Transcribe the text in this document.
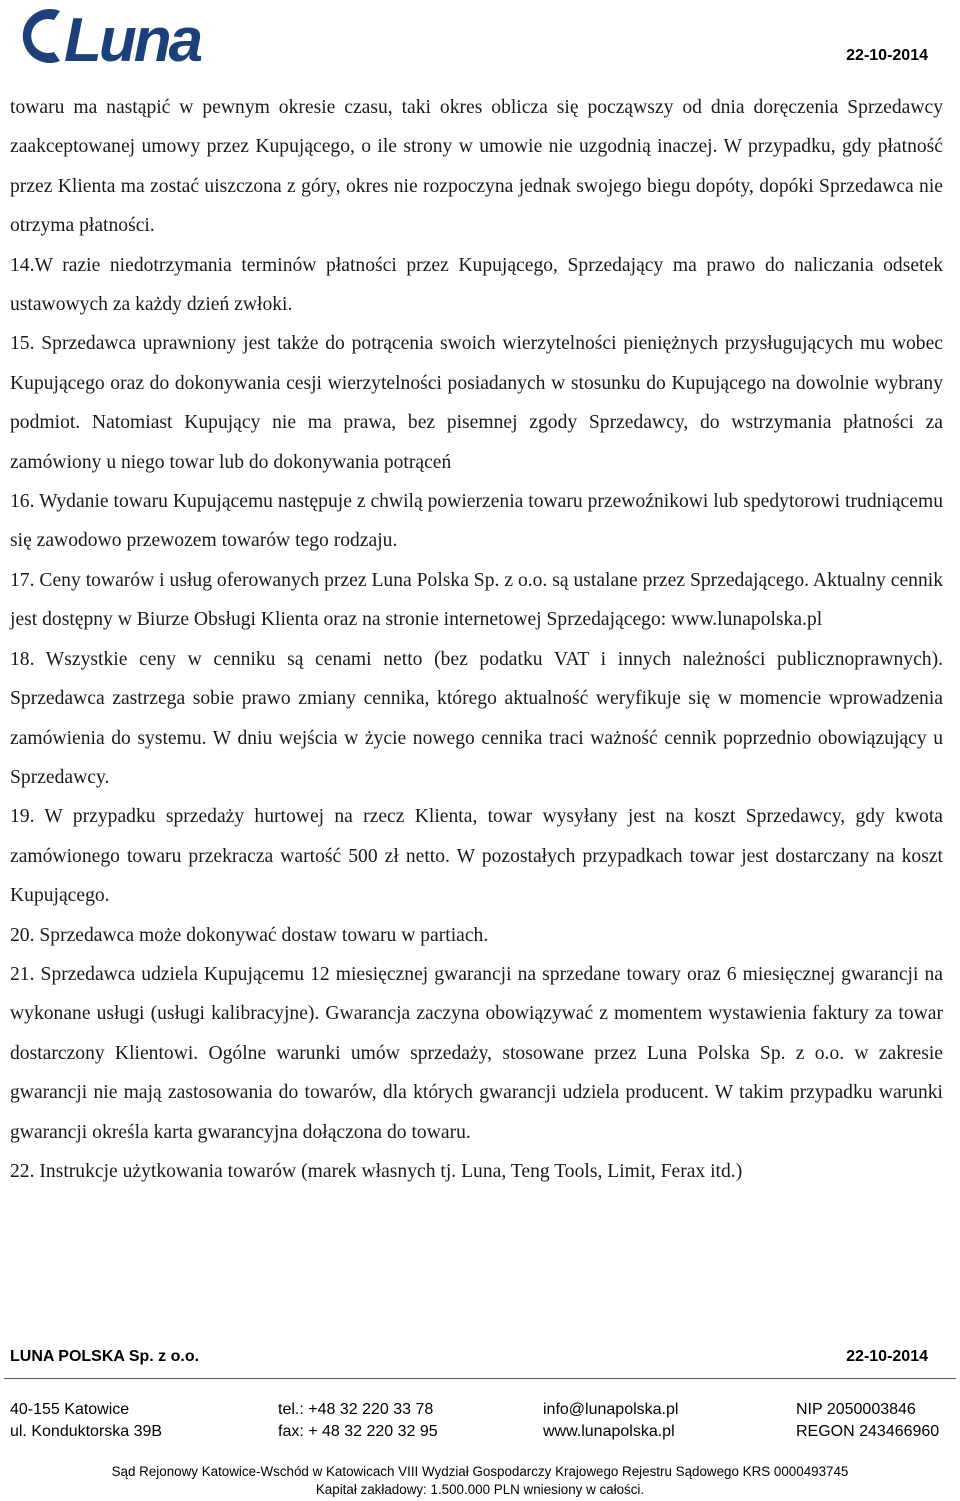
Luna	22-10-2014

towaru ma nastąpić w pewnym okresie czasu, taki okres oblicza się począwszy od dnia doręczenia Sprzedawcy zaakceptowanej umowy przez Kupującego, o ile strony w umowie nie uzgodnią inaczej. W przypadku, gdy płatność przez Klienta ma zostać uiszczona z góry, okres nie rozpoczyna jednak swojego biegu dopóty, dopóki Sprzedawca nie otrzyma płatności.

14.W razie niedotrzymania terminów płatności przez Kupującego, Sprzedający ma prawo do naliczania odsetek ustawowych za każdy dzień zwłoki.

15. Sprzedawca uprawniony jest także do potrącenia swoich wierzytelności pieniężnych przysługujących mu wobec Kupującego oraz do dokonywania cesji wierzytelności posiadanych w stosunku do Kupującego na dowolnie wybrany podmiot. Natomiast Kupujący nie ma prawa, bez pisemnej zgody Sprzedawcy, do wstrzymania płatności za zamówiony u niego towar lub do dokonywania potrąceń

16. Wydanie towaru Kupującemu następuje z chwilą powierzenia towaru przewoźnikowi lub spedytorowi trudniącemu się zawodowo przewozem towarów tego rodzaju.

17. Ceny towarów i usług oferowanych przez Luna Polska Sp. z o.o. są ustalane przez Sprzedającego. Aktualny cennik jest dostępny w Biurze Obsługi Klienta oraz na stronie internetowej Sprzedającego: www.lunapolska.pl

18. Wszystkie ceny w cenniku są cenami netto (bez podatku VAT i innych należności publicznoprawnych). Sprzedawca zastrzega sobie prawo zmiany cennika, którego aktualność weryfikuje się w momencie wprowadzenia zamówienia do systemu. W dniu wejścia w życie nowego cennika traci ważność cennik poprzednio obowiązujący u Sprzedawcy.

19. W przypadku sprzedaży hurtowej na rzecz Klienta, towar wysyłany jest na koszt Sprzedawcy, gdy kwota zamówionego towaru przekracza wartość 500 zł netto. W pozostałych przypadkach towar jest dostarczany na koszt Kupującego.

20. Sprzedawca może dokonywać dostaw towaru w partiach.

21. Sprzedawca udziela Kupującemu 12 miesięcznej gwarancji na sprzedane towary oraz 6 miesięcznej gwarancji na wykonane usługi (usługi kalibracyjne). Gwarancja zaczyna obowiązywać z momentem wystawienia faktury za towar dostarczony Klientowi. Ogólne warunki umów sprzedaży, stosowane przez Luna Polska Sp. z o.o. w zakresie gwarancji nie mają zastosowania do towarów, dla których gwarancji udziela producent. W takim przypadku warunki gwarancji określa karta gwarancyjna dołączona do towaru.

22. Instrukcje użytkowania towarów (marek własnych tj. Luna, Teng Tools, Limit, Ferax itd.)

LUNA POLSKA Sp. z o.o.	22-10-2014
40-155 Katowice
ul. Konduktorska 39B
tel.: +48 32 220 33 78
fax: + 48 32 220 32 95
info@lunapolska.pl
www.lunapolska.pl
NIP 2050003846
REGON 243466960
Sąd Rejonowy Katowice-Wschód w Katowicach VIII Wydział Gospodarczy Krajowego Rejestru Sądowego KRS 0000493745
Kapitał zakładowy: 1.500.000 PLN wniesiony w całości.
